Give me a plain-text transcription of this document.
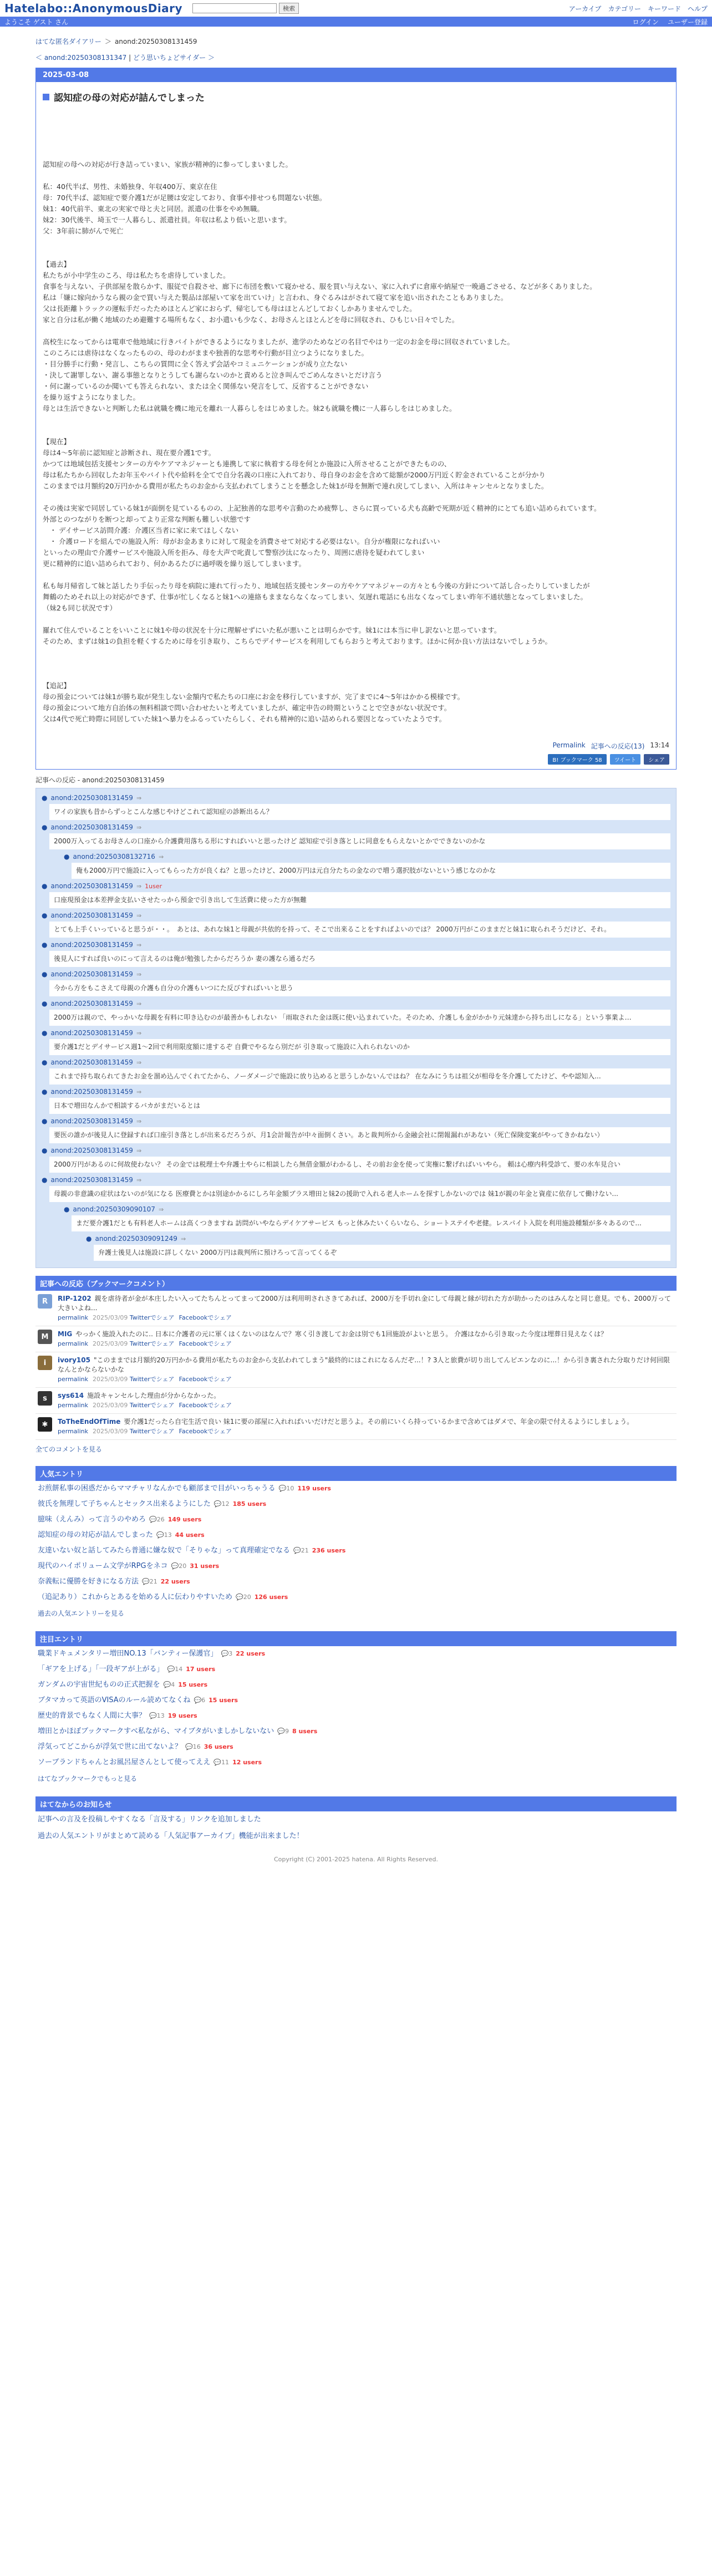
Hatelabo::AnonymousDiary	検索	アーカイブ カテゴリー キーワード ヘルプ
ようこそ ゲスト さん	ログイン ユーザー登録
はてな匿名ダイアリー ＞ anond:20250308131459
＜ anond:20250308131347 | どう思いちょどサイダー ＞
2025-03-08
認知症の母の対応が詰んでしまった

認知症の母への対応が行き詰っていまい、家族が精神的に参ってしまいました。

私：40代半ば、男性、未婚独身、年収400万、東京在住

母：70代半ば、認知症で要介護1だが足腰は安定しており、食事や排せつも問題ない状態。

妹1：40代前半、東北の実家で母と夫と同居。派遣の仕事をやめ無職。

妹2：30代後半、埼玉で一人暮らし、派遣社員。年収は私より低いと思います。

父：3年前に肺がんで死亡

【過去】

私たちが小中学生のころ、母は私たちを虐待していました。

食事を与えない、子供部屋を散らかす、服従で自殺させ、廊下に布団を敷いて寝かせる、服を買い与えない、家に入れずに倉庫や納屋で一晩過ごさせる、などが多くありました。

私は「嫌に嫁向かうなら親の金で買い与えた製品は部屋いて家を出ていけ」と言われ、身ぐるみはがされて寝て家を追い出されたこともありました。

父は長距離トラックの運転手だったためほとんど家におらず、帰宅しても母はほとんどしておくしかありませんでした。

家と自分は私が働く地域のため避難する場所もなく、お小遣いも少なく、お母さんとほとんどを母に回収され、ひもじい日々でした。

高校生になってからは電車で他地域に行きバイトができるようになりましたが、進学のためなどの名目でやはり一定のお金を母に回収されていました。

このころには虐待はなくなったものの、母のわがままや独善的な思考や行動が目立つようになりました。

・目分勝手に行動・発言し、こちらの質問に全く答えず会話やコミュニケーションが成り立たない

・決して謝罪しない、謝る事態となりとうしても謝らないのかと責めると泣き叫んでごめんなさいとだけ言う

・何に謝っているのか聞いても答えられない、または全く関係ない発言をして、反省することができない

を繰り返すようになりました。

母とは生活できないと判断した私は就職を機に地元を離れ一人暮らしをはじめました。妹2も就職を機に一人暮らしをはじめました。

【現在】

母は4〜5年前に認知症と診断され、現在要介護1です。

かつては地域包括支援センターの方やケアマネジャーとも連携して家に執着する母を何とか施設に入所させることができたものの、

母は私たちから回収したお年玉やバイト代や給料を全てで自分名義の口座に入れており、母自身のお金を含めて総額が2000万円近く貯金されていることが分かり

このままでは月額約20万円かかる費用が私たちのお金から支払われてしまうことを懸念した妹1が母を無断で連れ戻してしまい、入所はキャンセルとなりました。

その後は実家で同居している妹1が面倒を見ているものの、上記独善的な思考や言動のため疲弊し、さらに買っている犬も高齢で死期が近く精神的にとても追い詰められています。

外部とのつながりを断つと却ってより正常な判断も難しい状態です

　・ デイサービス訪問介護：介護区当者に家に来てほしくない

　・ 介護ロードを組んでの施設入所：母がお金あまりに対して現金を消費させて対応する必要はない。自分が権限になればいい

といったの理由で介護サービスや施設入所を拒み、母を大声で叱責して警察沙汰になったり、周囲に虐待を疑われてしまい

更に精神的に追い詰められており、何かあるたびに過呼吸を繰り返してしまいます。

私も毎月帰省して妹と話したり手伝ったり母を病院に連れて行ったり、地域包括支援センターの方やケアマネジャーの方々とも今後の方針について話し合ったりしていましたが

舞鶴のためそれ以上の対応ができず、仕事が忙しくなると妹1への連絡もままならなくなってしまい、気遅れ電話にも出なくなってしまい昨年不通状態となってしまいました。

（妹2も同じ状況です）

羅れて住んでいることをいいことに妹1や母の状況を十分に理解せずにいた私が悪いことは明らかです。妹1には本当に申し訳ないと思っています。

そのため、まずは妹1の負担を軽くするために母を引き取り、こちらでデイサービスを利用してもらおうと考えております。ほかに何か良い方法はないでしょうか。

【追記】

母の預金については妹1が勝ち取が発生しない金額内で私たちの口座にお金を移行していますが、完了までに4〜5年はかかる模様です。

母の預金について地方自治体の無料相談で問い合わせたいと考えていましたが、確定申告の時期ということで空きがない状況です。

父は4代で死亡時際に同居していた妹1へ暴力をふるっていたらしく、それも精神的に追い詰められる要因となっていたようです。

Permalink 記事への反応(13) 13:14
B! ブックマーク 58	ツイート	シェア
記事への反応 - anond:20250308131459
● anond:20250308131459 ⇒
ワイの家族も昔からずっとこんな感じやけどこれて認知症の診断出るん？
● anond:20250308131459 ⇒
2000万入ってるお母さんの口座から介護費用落ちる形にすればいいと思ったけど 認知症で引き落としに同意をもらえないとかでできないのかな
● anond:20250308132716 ⇒
俺も2000万円で施設に入ってもらった方が良くね？と思ったけど、2000万円は元自分たちの金なので増う選択肢がないという感じなのかな
● anond:20250308131459 ⇒ 1user
口座現預金は本差押金支払いさせたっから預金で引き出して生活費に使った方が無難
● anond:20250308131459 ⇒
とても上手くいっていると思うが・・。　あとは、あれな妹1と母親が共依的を持って、そこで出来ることをすればよいのでは？ 2000万円がこのままだと妹1に取られそうだけど、それ。
● anond:20250308131459 ⇒
後見人にすれば良いのにって言えるのは俺が勉強したからだろうか 妻の護なら通るだろ
● anond:20250308131459 ⇒
今から方をもこさえて母親の介護も自分の介護もいつにた反びすればいいと思う
● anond:20250308131459 ⇒
2000万は親ので、やっかいな母親を有料に叩き込むのが最善かもしれない 「雨取された金は既に使い込まれていた。そのため、介護しも金がかかり元妹達から持ち出しになる」という事業よ…
● anond:20250308131459 ⇒
要介護1だとデイサービス週1〜2回で利用限度額に達するぞ 自費でやるなら別だが 引き取って施設に入れられないのか
● anond:20250308131459 ⇒
これまで持ち取られてきたお金を溜め込んでくれてたから、ノーダメージで施設に放り込めると思うしかないんではね？ 在なみにうちは祖父が相母を冬介護してたけど、やや認知入...
● anond:20250308131459 ⇒
日本で増田なんかで相談するバカがまだいるとは
● anond:20250308131459 ⇒
要医の誰かが後見人に登録すれば口座引き落としが出来るだろうが、月1会計報告が中々面倒くさい。あと裁判所から金融会社に閉報漏れがあない（死亡保険変案がやってきかねない）
● anond:20250308131459 ⇒
2000万円があるのに何故使わない？ その金では税理士や弁護士やらに相談したら無借金額がわかるし、その前お金を使って実権に繋げればいいやら。 頼は心療内科受診て、要の水车見合い
● anond:20250308131459 ⇒
母親の非意識の症状はないのが気になる 医療費とかは別途かかるにしろ年金額ブラス増田と妹2の援助で入れる老人ホームを探すしかないのでは 妹1が親の年金と資産に依存して働けない...
● anond:20250309090107 ⇒
まだ要介護1だとも有料老人ホームは高くつきますね 訪問がいやならデイケアサービス もっと休みたいくらいなら、ショートステイや老健。レスパイト入院を利用施設種類が多々あるので...
● anond:20250309091249 ⇒
弁護士後見人は施設に詳しくない 2000万円は裁判所に預けろって言ってくるぞ
記事への反応（ブックマークコメント）
R	RIP-1202 親を虐待者が金が本庄したい入ってたちんとってまって2000万は利用明されさきてあれば、2000万を手切れ金にして母親と縁が切れた方が助かったのはみんなと同じ意見。でも、2000万って大きいよね...
permalink 2025/03/09 Twitterでシェア Facebookでシェア
M	MIG やっかく施設入れたのに.. 日本に介護者の元に軍くはくないのはなんで？寒く引き渡してお金は別でも1回施設がよいと思う。 介護はなから引き取った今度は埋葬日見えなくは？
permalink 2025/03/09 Twitterでシェア Facebookでシェア
i	ivory105 "このままでは月額約20万円かかる費用が私たちのお金から支払われてしまう"最終的にはこれになるんだぞ...！? 3人と旅費が切り出してんピエンなのに...！から引き裏された分取りだけ何回限なんとかならないかな
permalink 2025/03/09 Twitterでシェア Facebookでシェア
s	sys614 施設キャンセルした理由が分からなかった。
permalink 2025/03/09 Twitterでシェア Facebookでシェア
✱	ToTheEndOfTime 要介護1だったら自宅生活で良い 妹1に要の部屋に入れればいいだけだと思うよ。その前にいくら持っているかまで含めてはダメで、年金の限で付えるようにしましょう。
permalink 2025/03/09 Twitterでシェア Facebookでシェア
全てのコメントを見る
人気エントリ
お煎餅私事の困惑だからママチャリなんかでも顧部まで目がいっちゃうる 💬10 119 users
彼氏を無理して子ちゃんとセックス出来るようにした 💬12 185 users
臆味（えんみ）って言うのやめろ 💬26 149 users
認知症の母の対応が詰んでしまった 💬13 44 users
友達いない奴と話してみたら普通に嫌な奴で「そりゃな」って真理確定でなる 💬21 236 users
現代のハイポリューム文学がRPGをネコ 💬20 31 users
奈義転に優勝を好きになる方法 💬21 22 users
（追記あり）これからとあるを始める人に伝わりやすいため 💬20 126 users
過去の人気エントリーを見る
注目エントリ
職業ドキュメンタリー増田NO.13「バンティー保護官」 💬3 22 users
「ギアを上げる」「一段ギアが上がる」 💬14 17 users
ガンダムの宇宙世紀ものの正式把握を 💬4 15 users
ブタマカって英語のVISAのルール読めてなくね 💬6 15 users
歴史的背景でもなく人間に大事？ 💬13 19 users
増田とかほぼブックマークすべ私ながら、マイブタがいましかしないない 💬9 8 users
浮気ってどこからが浮気で世に出てないよ？ 💬16 36 users
ソーブランドちゃんとお風呂屋さんとして使ってええ 💬11 12 users
はてなブックマークでもっと見る
はてなからのお知らせ
記事への言及を投稿しやすくなる「言及する」リンクを追加しました
過去の人気エントリがまとめて読める「人気記事アーカイブ」機能が出来ました！
Copyright (C) 2001-2025 hatena. All Rights Reserved.
